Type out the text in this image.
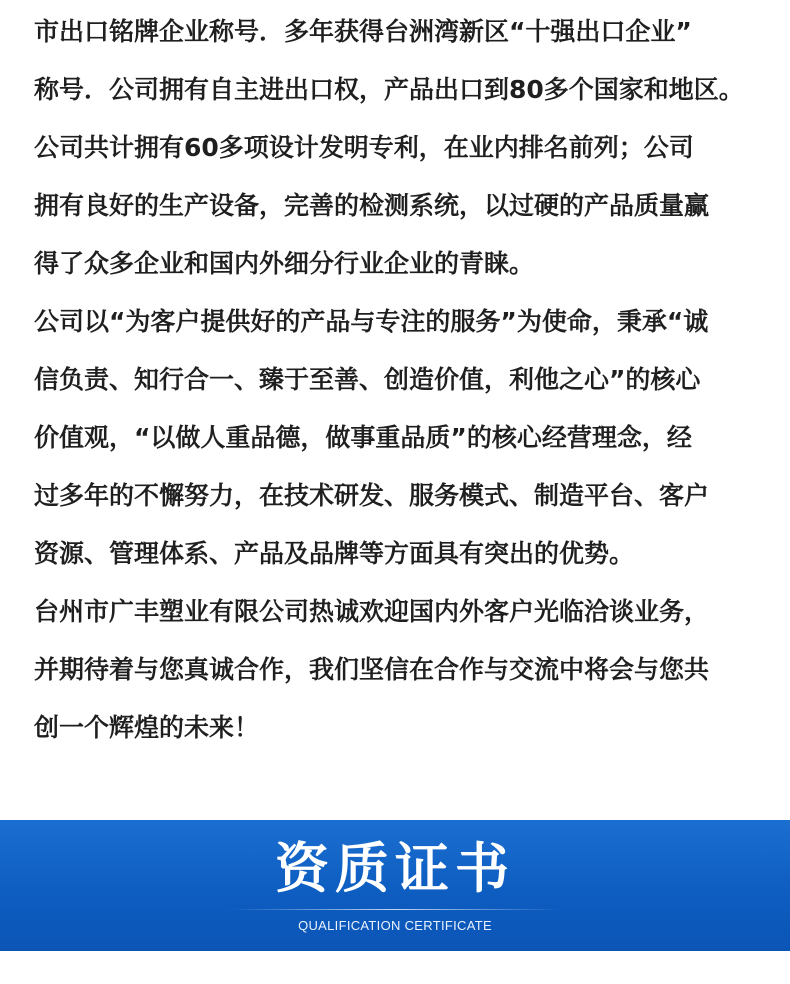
市出口铭牌企业称号．多年获得台洲湾新区“十强出口企业”
称号．公司拥有自主进出口权，产品出口到80多个国家和地区。
公司共计拥有60多项设计发明专利，在业内排名前列；公司
拥有良好的生产设备，完善的检测系统，以过硬的产品质量赢
得了众多企业和国内外细分行业企业的青睐。
公司以“为客户提供好的产品与专注的服务”为使命，秉承“诚
信负责、知行合一、臻于至善、创造价值，利他之心”的核心
价值观，“以做人重品德，做事重品质”的核心经营理念，经
过多年的不懈努力，在技术研发、服务模式、制造平台、客户
资源、管理体系、产品及品牌等方面具有突出的优势。
台州市广丰塑业有限公司热诚欢迎国内外客户光临洽谈业务，
并期待着与您真诚合作，我们坚信在合作与交流中将会与您共
创一个辉煌的未来！
资质证书
QUALIFICATION CERTIFICATE
